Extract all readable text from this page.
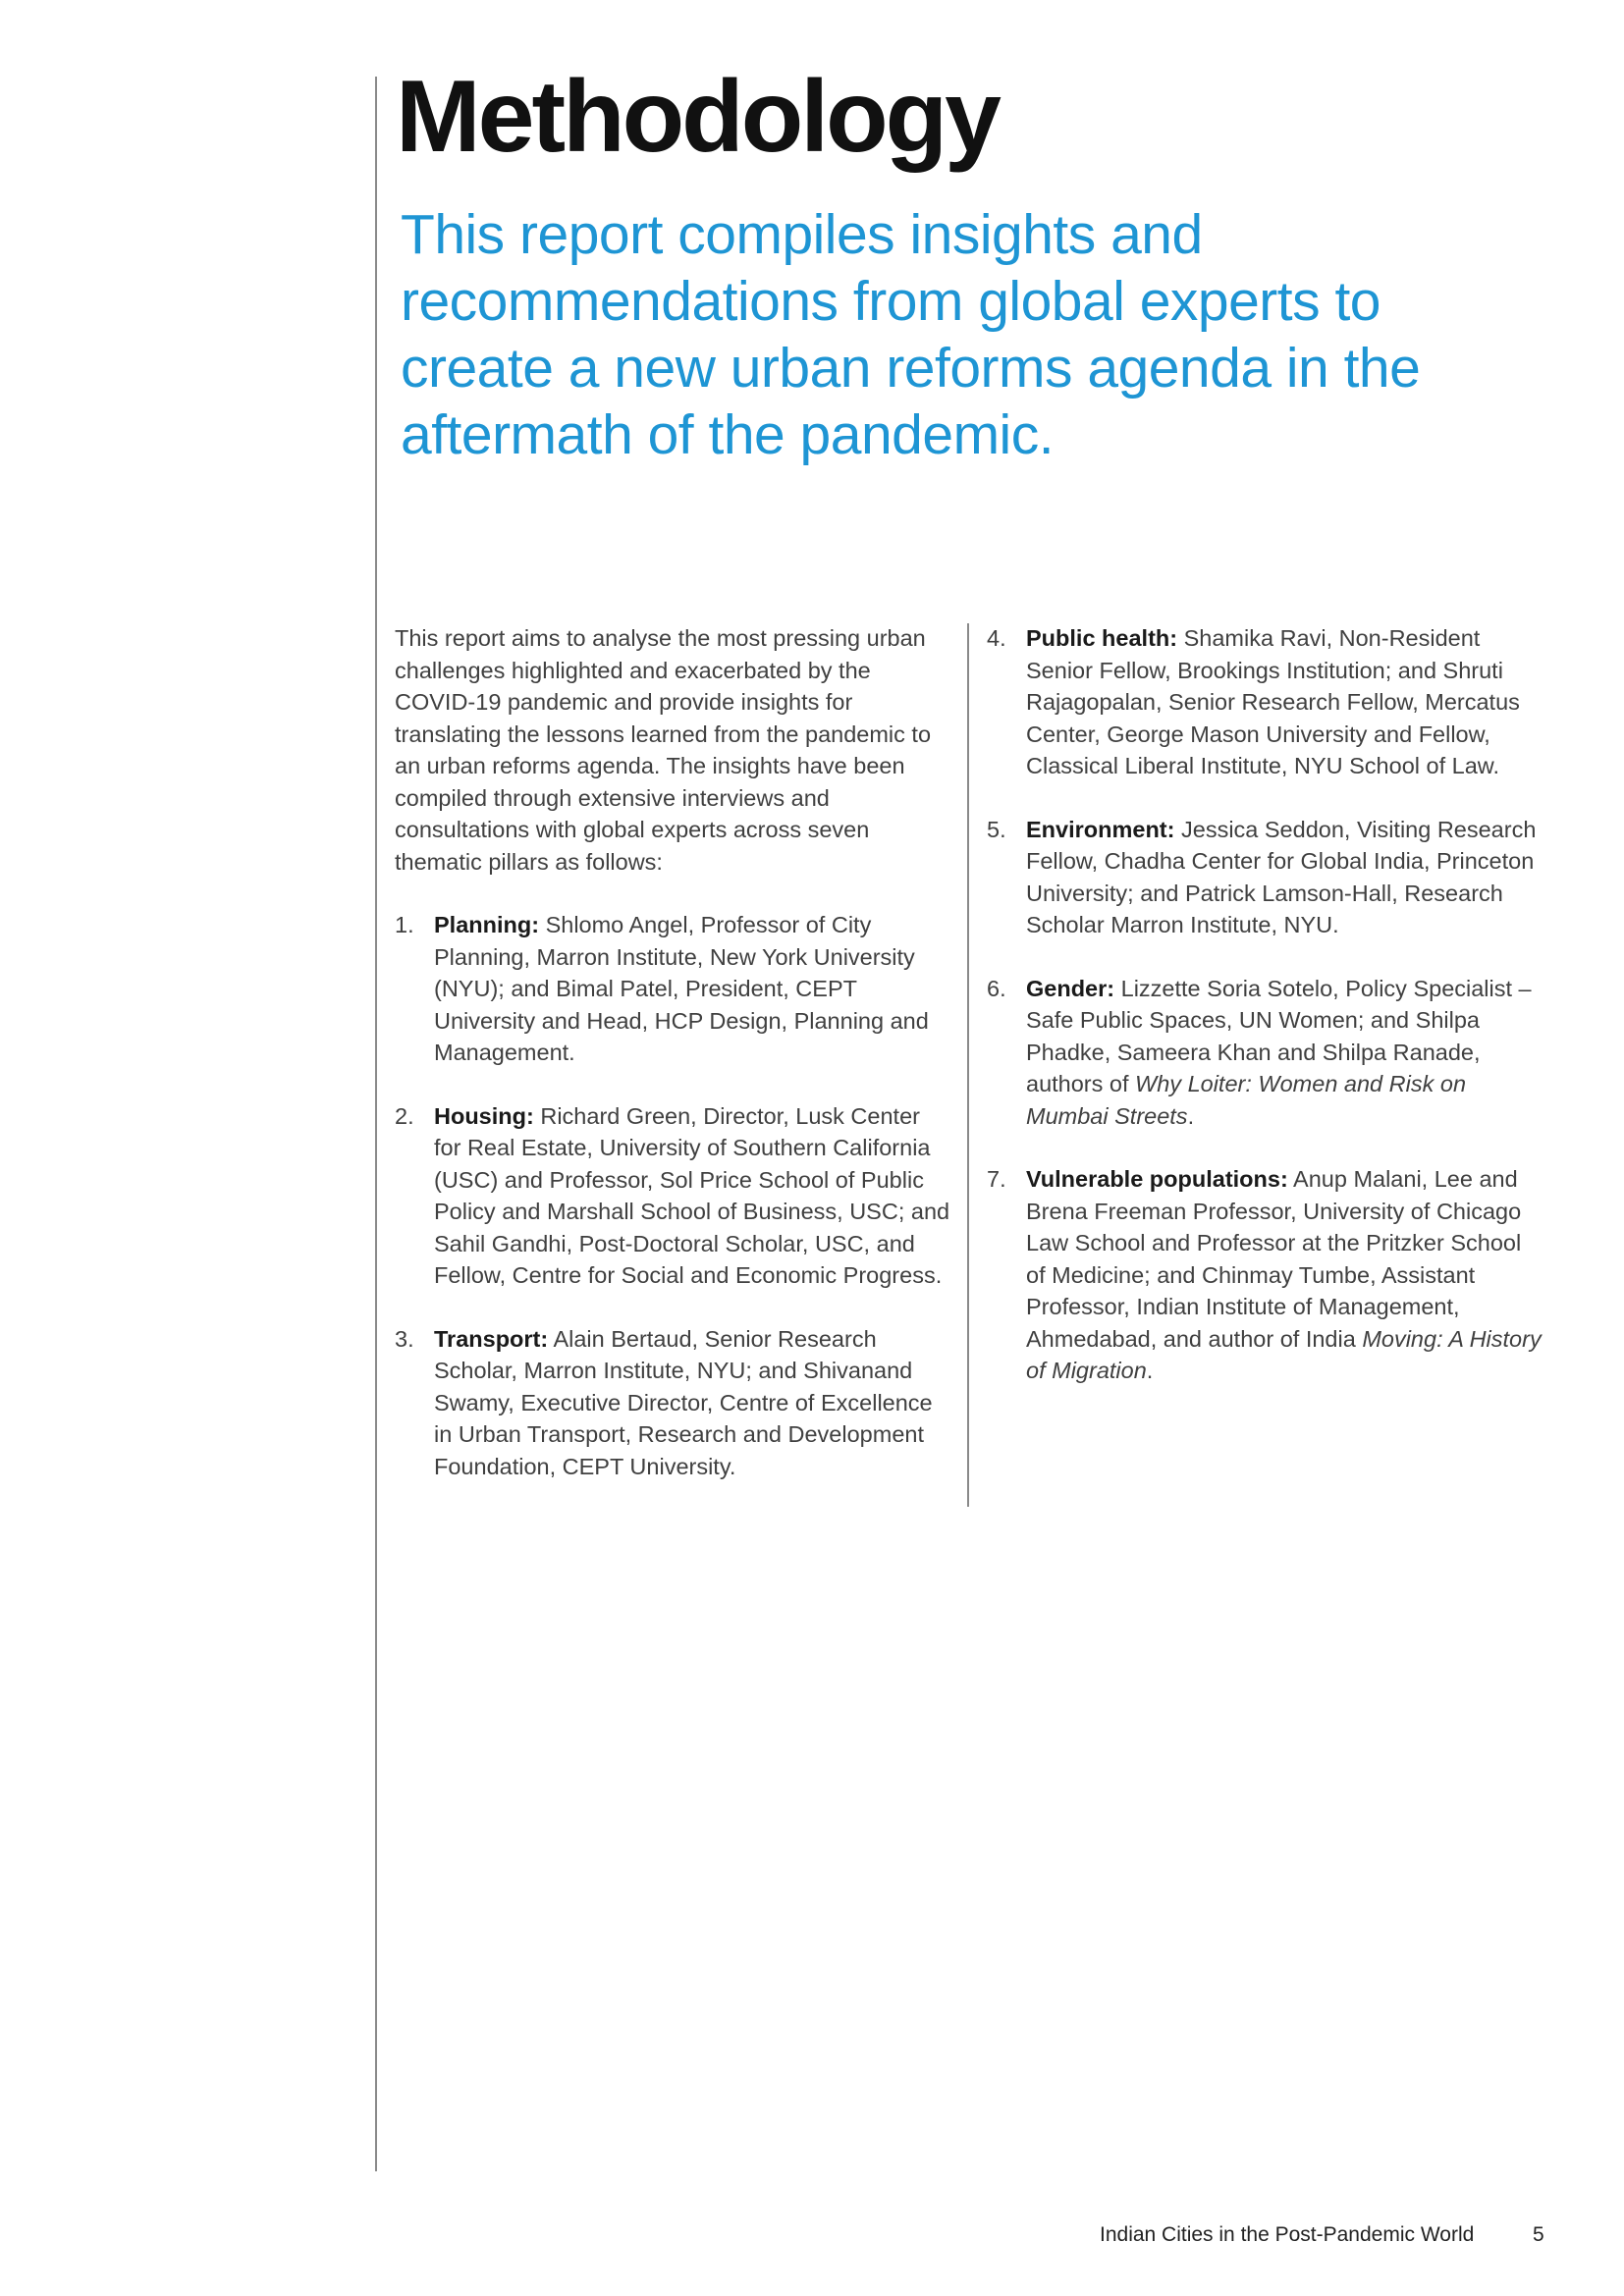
Methodology
This report compiles insights and recommendations from global experts to create a new urban reforms agenda in the aftermath of the pandemic.

This report aims to analyse the most pressing urban challenges highlighted and exacerbated by the COVID-19 pandemic and provide insights for translating the lessons learned from the pandemic to an urban reforms agenda. The insights have been compiled through extensive interviews and consultations with global experts across seven thematic pillars as follows:

1. Planning: Shlomo Angel, Professor of City Planning, Marron Institute, New York University (NYU); and Bimal Patel, President, CEPT University and Head, HCP Design, Planning and Management.
2. Housing: Richard Green, Director, Lusk Center for Real Estate, University of Southern California (USC) and Professor, Sol Price School of Public Policy and Marshall School of Business, USC; and Sahil Gandhi, Post-Doctoral Scholar, USC, and Fellow, Centre for Social and Economic Progress.
3. Transport: Alain Bertaud, Senior Research Scholar, Marron Institute, NYU; and Shivanand Swamy, Executive Director, Centre of Excellence in Urban Transport, Research and Development Foundation, CEPT University.
4. Public health: Shamika Ravi, Non-Resident Senior Fellow, Brookings Institution; and Shruti Rajagopalan, Senior Research Fellow, Mercatus Center, George Mason University and Fellow, Classical Liberal Institute, NYU School of Law.
5. Environment: Jessica Seddon, Visiting Research Fellow, Chadha Center for Global India, Princeton University; and Patrick Lamson-Hall, Research Scholar Marron Institute, NYU.
6. Gender: Lizzette Soria Sotelo, Policy Specialist – Safe Public Spaces, UN Women; and Shilpa Phadke, Sameera Khan and Shilpa Ranade, authors of Why Loiter: Women and Risk on Mumbai Streets.
7. Vulnerable populations: Anup Malani, Lee and Brena Freeman Professor, University of Chicago Law School and Professor at the Pritzker School of Medicine; and Chinmay Tumbe, Assistant Professor, Indian Institute of Management, Ahmedabad, and author of India Moving: A History of Migration.
Indian Cities in the Post-Pandemic World	5
